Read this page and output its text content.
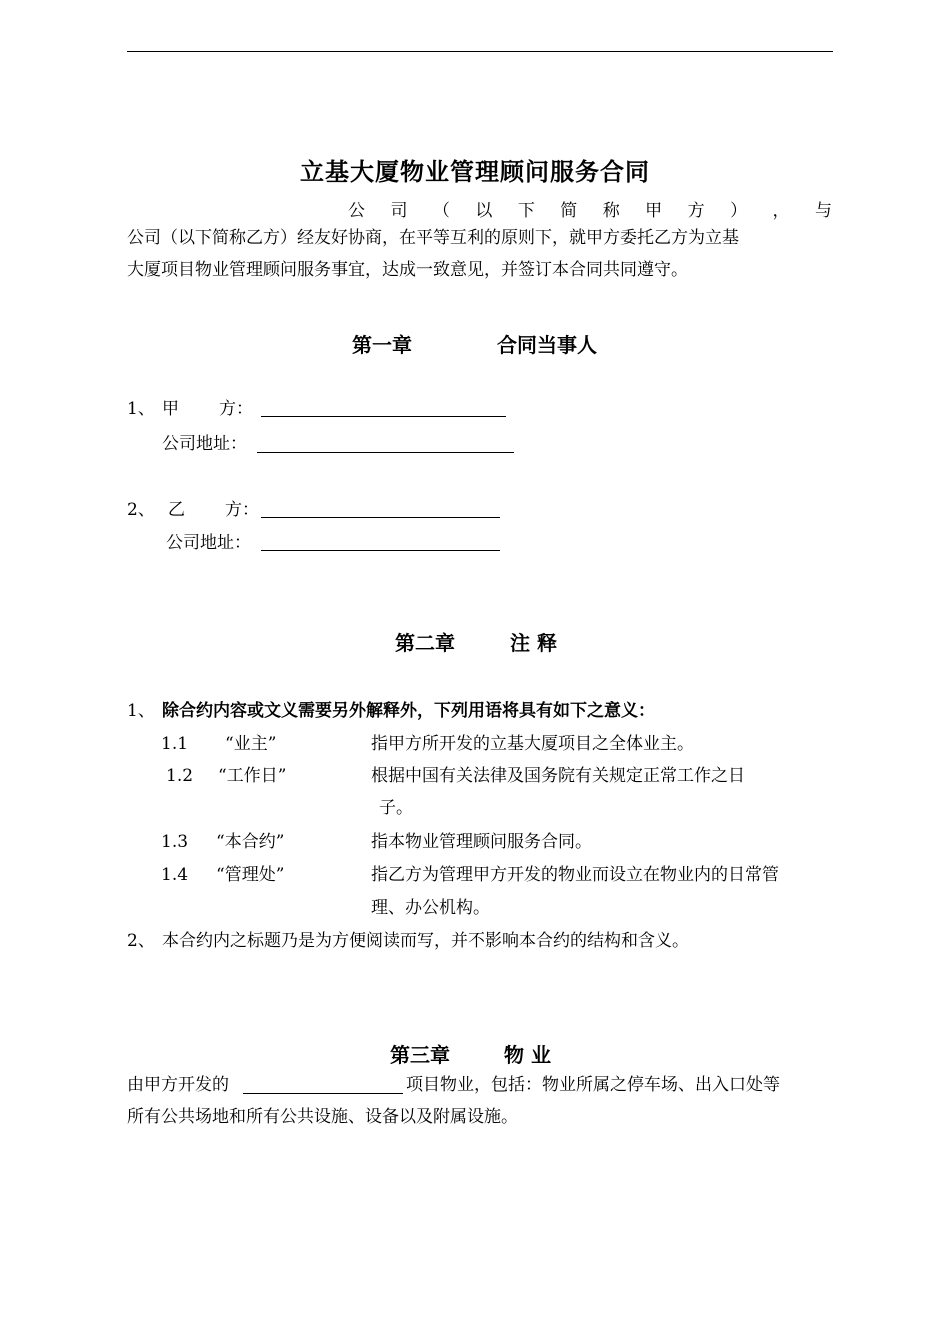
立基大厦物业管理顾问服务合同
公 司 （ 以 下 简 称 甲 方 ） ， 与
公司（以下简称乙方）经友好协商，在平等互利的原则下，就甲方委托乙方为立基
大厦项目物业管理顾问服务事宜，达成一致意见，并签订本合同共同遵守。
第一章	合同当事人
1、 甲 方：
公司地址：
2、 乙 方：
公司地址：
第二章	注 释
1、 除合约内容或文义需要另外解释外，下列用语将具有如下之意义：
1.1 “业主”	指甲方所开发的立基大厦项目之全体业主。
1.2 “工作日”	根据中国有关法律及国务院有关规定正常工作之日
子。
1.3 “本合约”	指本物业管理顾问服务合同。
1.4 “管理处”	指乙方为管理甲方开发的物业而设立在物业内的日常管
理、办公机构。
2、 本合约内之标题乃是为方便阅读而写，并不影响本合约的结构和含义。
第三章	物 业
由甲方开发的	项目物业，包括：物业所属之停车场、出入口处等
所有公共场地和所有公共设施、设备以及附属设施。
